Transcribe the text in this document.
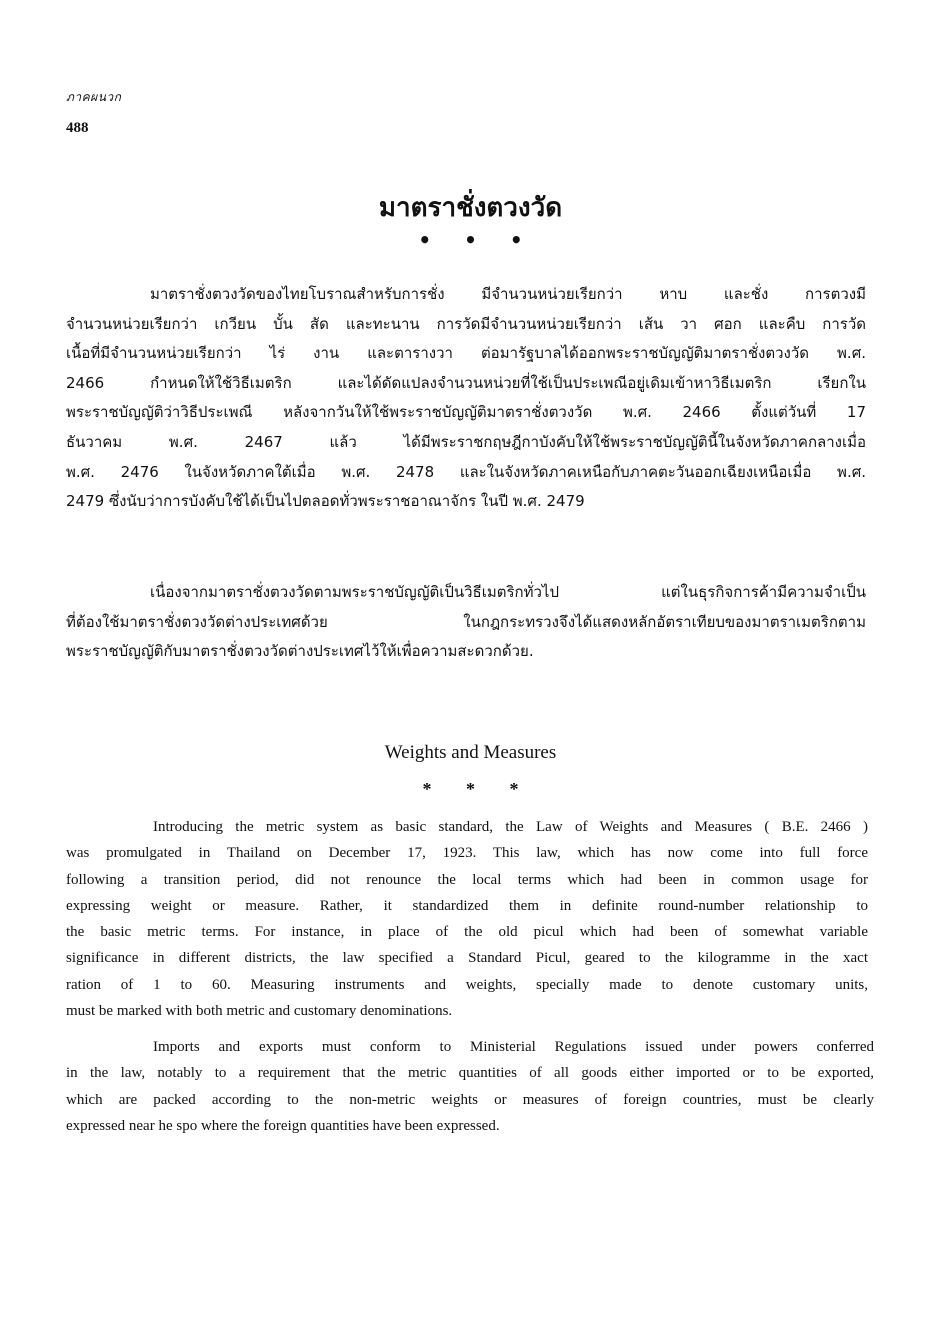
ภาคผนวก
488
มาตราชั่งตวงวัด
• • •
มาตราชั่งตวงวัดของไทยโบราณสำหรับการชั่ง มีจำนวนหน่วยเรียกว่า หาบ และชั่ง การตวงมี
จำนวนหน่วยเรียกว่า เกวียน บั้น สัด และทะนาน การวัดมีจำนวนหน่วยเรียกว่า เส้น วา ศอก และคืบ การวัด
เนื้อที่มีจำนวนหน่วยเรียกว่า ไร่ งาน และตารางวา ต่อมารัฐบาลได้ออกพระราชบัญญัติมาตราชั่งตวงวัด พ.ศ.
2466 กำหนดให้ใช้วิธีเมตริก และได้ดัดแปลงจำนวนหน่วยที่ใช้เป็นประเพณีอยู่เดิมเข้าหาวิธีเมตริก เรียกใน
พระราชบัญญัติว่าวิธีประเพณี หลังจากวันให้ใช้พระราชบัญญัติมาตราชั่งตวงวัด พ.ศ. 2466 ตั้งแต่วันที่ 17
ธันวาคม พ.ศ. 2467 แล้ว ได้มีพระราชกฤษฎีกาบังคับให้ใช้พระราชบัญญัตินี้ในจังหวัดภาคกลางเมื่อ
พ.ศ. 2476 ในจังหวัดภาคใต้เมื่อ พ.ศ. 2478 และในจังหวัดภาคเหนือกับภาคตะวันออกเฉียงเหนือเมื่อ พ.ศ.
2479 ซึ่งนับว่าการบังคับใช้ได้เป็นไปตลอดทั่วพระราชอาณาจักร ในปี พ.ศ. 2479
เนื่องจากมาตราชั่งตวงวัดตามพระราชบัญญัติเป็นวิธีเมตริกทั่วไป แต่ในธุรกิจการค้ามีความจำเป็น
ที่ต้องใช้มาตราชั่งตวงวัดต่างประเทศด้วย ในกฎกระทรวงจึงได้แสดงหลักอัตราเทียบของมาตราเมตริกตาม
พระราชบัญญัติกับมาตราชั่งตวงวัดต่างประเทศไว้ให้เพื่อความสะดวกด้วย.
Weights and Measures
* * *
Introducing the metric system as basic standard, the Law of Weights and Measures ( B.E. 2466 )
was promulgated in Thailand on December 17, 1923. This law, which has now come into full force
following a transition period, did not renounce the local terms which had been in common usage for
expressing weight or measure. Rather, it standardized them in definite round-number relationship to
the basic metric terms. For instance, in place of the old picul which had been of somewhat variable
significance in different districts, the law specified a Standard Picul, geared to the kilogramme in the xact
ration of 1 to 60. Measuring instruments and weights, specially made to denote customary units,
must be marked with both metric and customary denominations.
Imports and exports must conform to Ministerial Regulations issued under powers conferred
in the law, notably to a requirement that the metric quantities of all goods either imported or to be exported,
which are packed according to the non-metric weights or measures of foreign countries, must be clearly
expressed near he spo where the foreign quantities have been expressed.
